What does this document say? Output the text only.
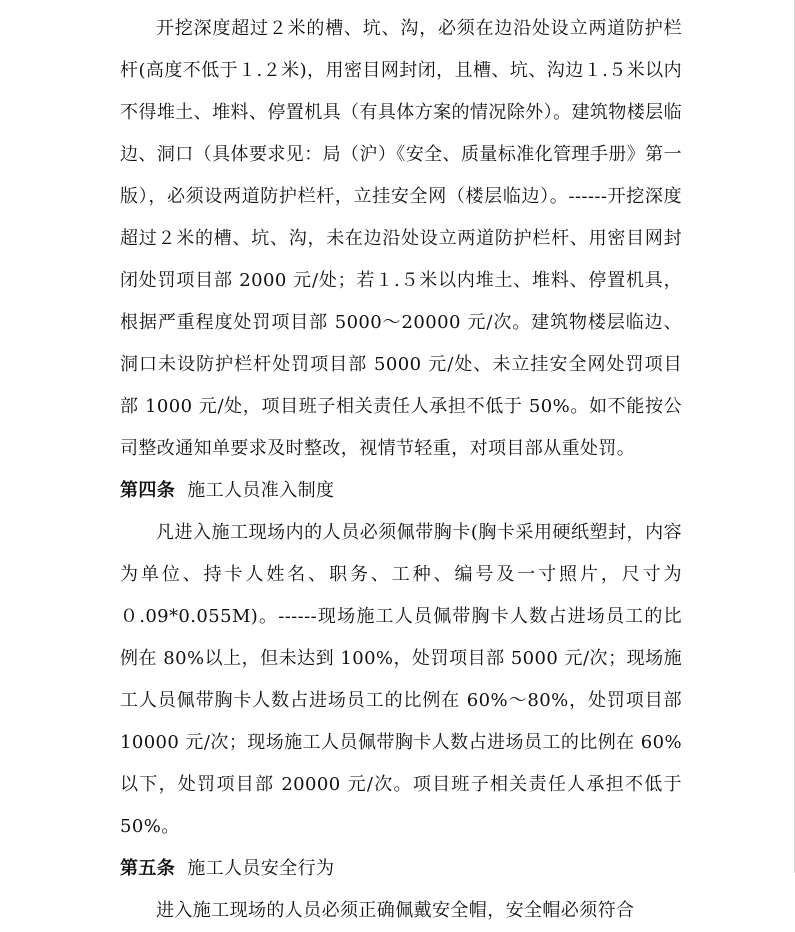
开挖深度超过２米的槽、坑、沟，必须在边沿处设立两道防护栏杆(高度不低于１.２米)，用密目网封闭，且槽、坑、沟边１.５米以内不得堆土、堆料、停置机具（有具体方案的情况除外）。建筑物楼层临边、洞口（具体要求见：局（沪）《安全、质量标准化管理手册》第一版），必须设两道防护栏杆，立挂安全网（楼层临边）。------开挖深度超过２米的槽、坑、沟，未在边沿处设立两道防护栏杆、用密目网封闭处罚项目部 2000 元/处；若１.５米以内堆土、堆料、停置机具，根据严重程度处罚项目部 5000～20000 元/次。建筑物楼层临边、洞口未设防护栏杆处罚项目部 5000 元/处、未立挂安全网处罚项目部 1000 元/处，项目班子相关责任人承担不低于 50%。如不能按公司整改通知单要求及时整改，视情节轻重，对项目部从重处罚。

第四条 施工人员准入制度

凡进入施工现场内的人员必须佩带胸卡(胸卡采用硬纸塑封，内容为单位、持卡人姓名、职务、工种、编号及一寸照片，尺寸为０.09*0.055M)。------现场施工人员佩带胸卡人数占进场员工的比例在 80%以上，但未达到 100%，处罚项目部 5000 元/次；现场施工人员佩带胸卡人数占进场员工的比例在 60%～80%，处罚项目部 10000 元/次；现场施工人员佩带胸卡人数占进场员工的比例在 60%以下，处罚项目部 20000 元/次。项目班子相关责任人承担不低于 50%。

第五条 施工人员安全行为

进入施工现场的人员必须正确佩戴安全帽，安全帽必须符合
